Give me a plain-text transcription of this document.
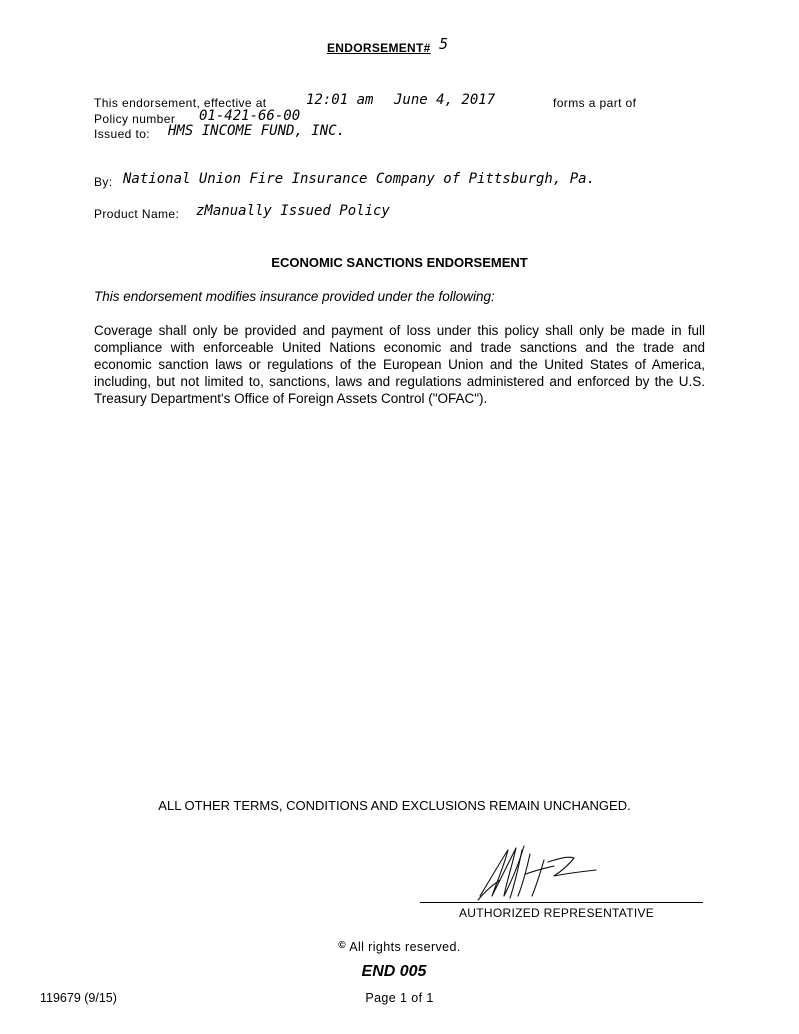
ENDORSEMENT# 5
This endorsement, effective at	12:01 am June 4, 2017	forms a part of
Policy number 01-421-66-00
Issued to: HMS INCOME FUND, INC.
By: National Union Fire Insurance Company of Pittsburgh, Pa.
Product Name: zManually Issued Policy
ECONOMIC SANCTIONS ENDORSEMENT
This endorsement modifies insurance provided under the following:
Coverage shall only be provided and payment of loss under this policy shall only be made in full compliance with enforceable United Nations economic and trade sanctions and the trade and economic sanction laws or regulations of the European Union and the United States of America, including, but not limited to, sanctions, laws and regulations administered and enforced by the U.S. Treasury Department's Office of Foreign Assets Control ("OFAC").
ALL OTHER TERMS, CONDITIONS AND EXCLUSIONS REMAIN UNCHANGED.
AUTHORIZED REPRESENTATIVE
© All rights reserved.
END 005
119679 (9/15)	Page 1 of 1
